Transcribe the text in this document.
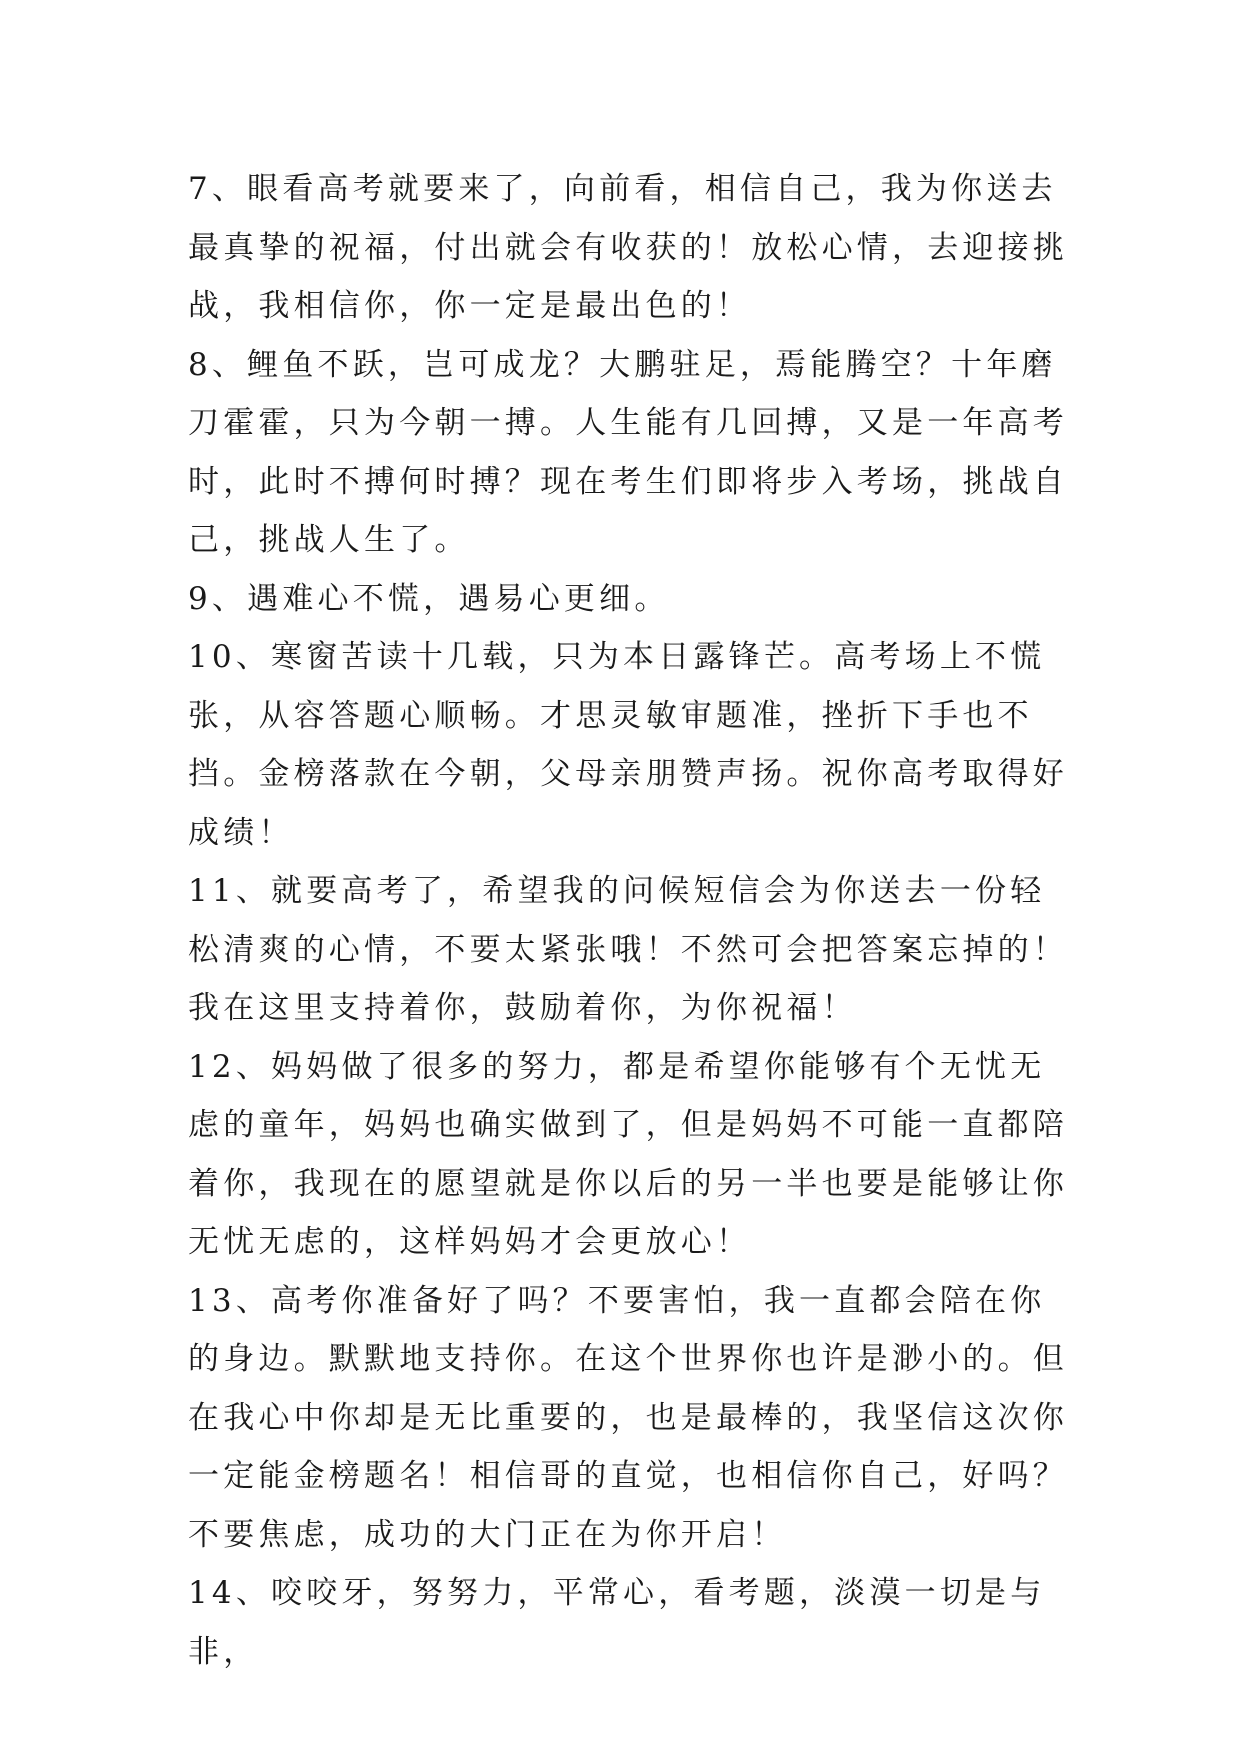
7、眼看高考就要来了，向前看，相信自己，我为你送去最真挚的祝福，付出就会有收获的！放松心情，去迎接挑战，我相信你，你一定是最出色的！

8、鲤鱼不跃，岂可成龙？大鹏驻足，焉能腾空？十年磨刀霍霍，只为今朝一搏。人生能有几回搏，又是一年高考时，此时不搏何时搏？现在考生们即将步入考场，挑战自己，挑战人生了。

9、遇难心不慌，遇易心更细。

10、寒窗苦读十几载，只为本日露锋芒。高考场上不慌张，从容答题心顺畅。才思灵敏审题准，挫折下手也不挡。金榜落款在今朝，父母亲朋赞声扬。祝你高考取得好成绩！

11、就要高考了，希望我的问候短信会为你送去一份轻松清爽的心情，不要太紧张哦！不然可会把答案忘掉的！我在这里支持着你，鼓励着你，为你祝福！

12、妈妈做了很多的努力，都是希望你能够有个无忧无虑的童年，妈妈也确实做到了，但是妈妈不可能一直都陪着你，我现在的愿望就是你以后的另一半也要是能够让你无忧无虑的，这样妈妈才会更放心！

13、高考你准备好了吗？不要害怕，我一直都会陪在你的身边。默默地支持你。在这个世界你也许是渺小的。但在我心中你却是无比重要的，也是最棒的，我坚信这次你一定能金榜题名！相信哥的直觉，也相信你自己，好吗？不要焦虑，成功的大门正在为你开启！

14、咬咬牙，努努力，平常心，看考题，淡漠一切是与非，
